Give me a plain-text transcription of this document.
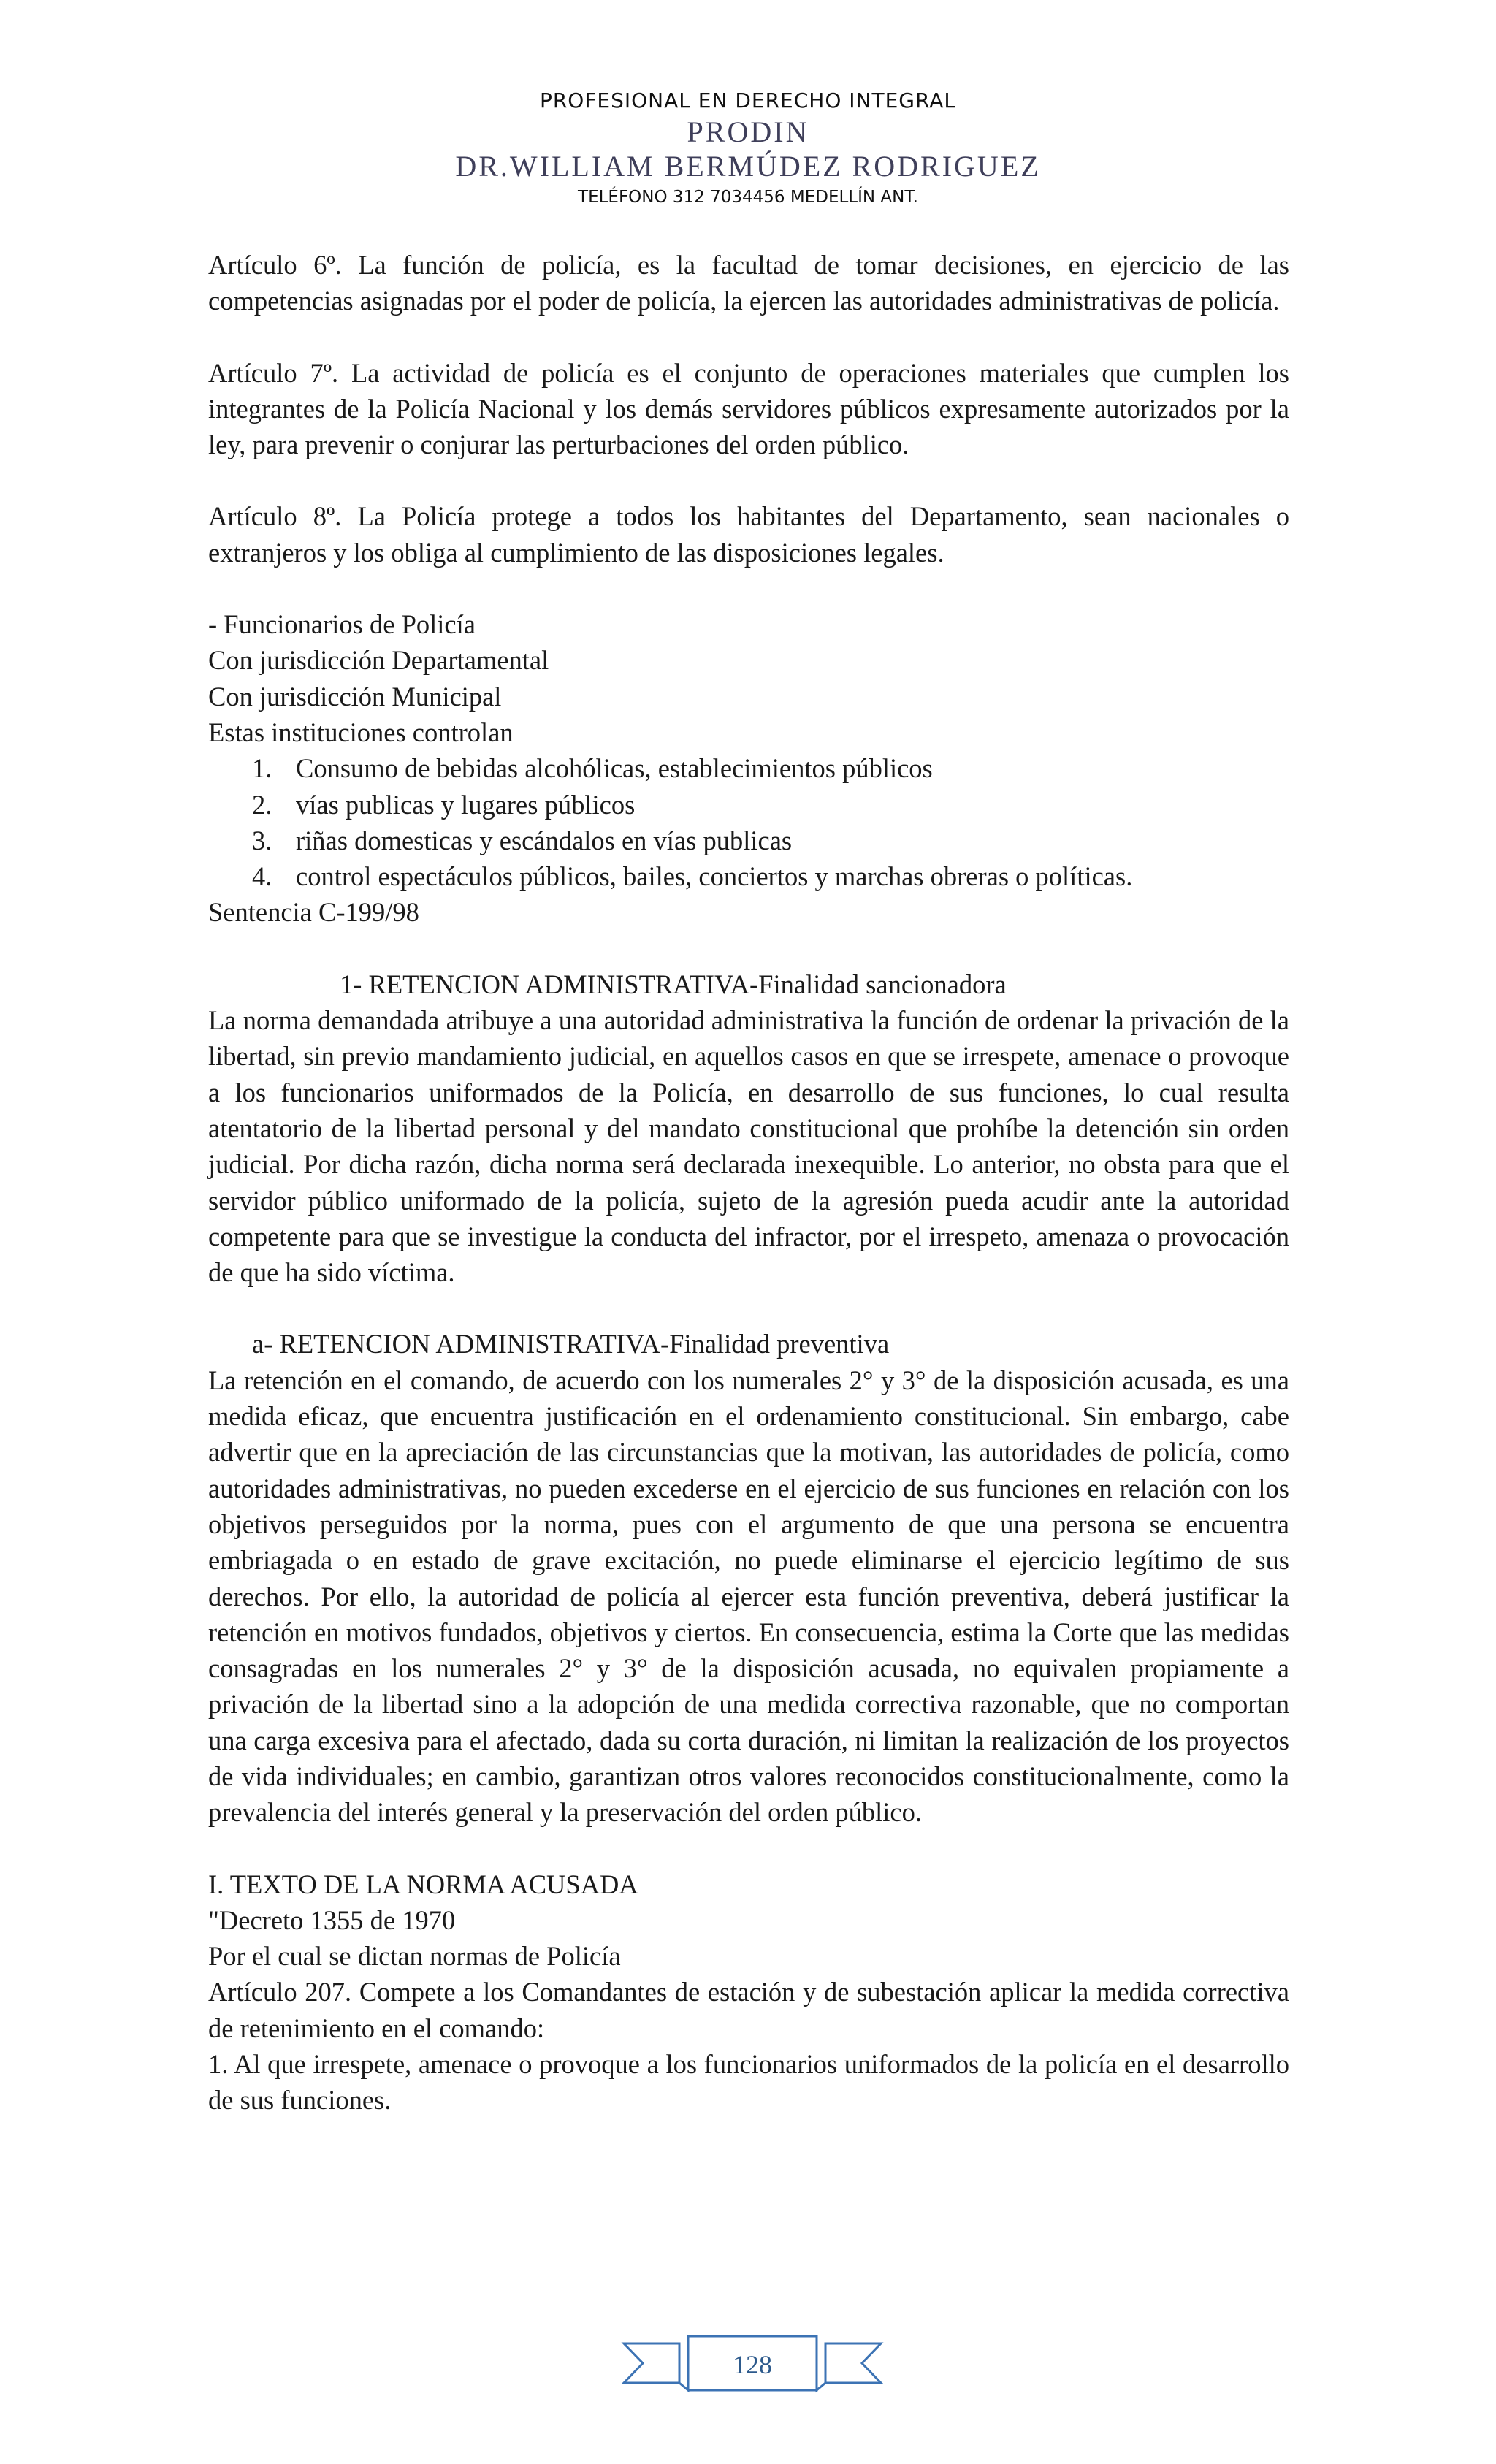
PROFESIONAL EN DERECHO INTEGRAL
PRODIN
DR.WILLIAM BERMÚDEZ RODRIGUEZ
TELÉFONO 312 7034456 MEDELLÍN ANT.

Artículo 6º. La función de policía, es la facultad de tomar decisiones, en ejercicio de las competencias asignadas por el poder de policía, la ejercen las autoridades administrativas de policía.

Artículo 7º. La actividad de policía es el conjunto de operaciones materiales que cumplen los integrantes de la Policía Nacional y los demás servidores públicos expresamente autorizados por la ley, para prevenir o conjurar las perturbaciones del orden público.

Artículo 8º. La Policía protege a todos los habitantes del Departamento, sean nacionales o extranjeros y los obliga al cumplimiento de las disposiciones legales.

- Funcionarios de Policía

Con jurisdicción Departamental

Con jurisdicción Municipal

Estas instituciones controlan

1. Consumo de bebidas alcohólicas, establecimientos públicos
2. vías publicas y lugares públicos
3. riñas domesticas y escándalos en vías publicas
4. control espectáculos públicos, bailes, conciertos y marchas obreras o políticas.

Sentencia C-199/98

1- RETENCION ADMINISTRATIVA-Finalidad sancionadora

La norma demandada atribuye a una autoridad administrativa la función de ordenar la privación de la libertad, sin previo mandamiento judicial, en aquellos casos en que se irrespete, amenace o provoque a los funcionarios uniformados de la Policía, en desarrollo de sus funciones, lo cual resulta atentatorio de la libertad personal y del mandato constitucional que prohíbe la detención sin orden judicial. Por dicha razón, dicha norma será declarada inexequible. Lo anterior, no obsta para que el servidor público uniformado de la policía, sujeto de la agresión pueda acudir ante la autoridad competente para que se investigue la conducta del infractor, por el irrespeto, amenaza o provocación de que ha sido víctima.

a- RETENCION ADMINISTRATIVA-Finalidad preventiva

La retención en el comando, de acuerdo con los numerales 2° y 3° de la disposición acusada, es una medida eficaz, que encuentra justificación en el ordenamiento constitucional. Sin embargo, cabe advertir que en la apreciación de las circunstancias que la motivan, las autoridades de policía, como autoridades administrativas, no pueden excederse en el ejercicio de sus funciones en relación con los objetivos perseguidos por la norma, pues con el argumento de que una persona se encuentra embriagada o en estado de grave excitación, no puede eliminarse el ejercicio legítimo de sus derechos. Por ello, la autoridad de policía al ejercer esta función preventiva, deberá justificar la retención en motivos fundados, objetivos y ciertos. En consecuencia, estima la Corte que las medidas consagradas en los numerales 2° y 3° de la disposición acusada, no equivalen propiamente a privación de la libertad sino a la adopción de una medida correctiva razonable, que no comportan una carga excesiva para el afectado, dada su corta duración, ni limitan la realización de los proyectos de vida individuales; en cambio, garantizan otros valores reconocidos constitucionalmente, como la prevalencia del interés general y la preservación del orden público.

I. TEXTO DE LA NORMA ACUSADA

"Decreto 1355 de 1970

Por el cual se dictan normas de Policía

Artículo 207. Compete a los Comandantes de estación y de subestación aplicar la medida correctiva de retenimiento en el comando:

1. Al que irrespete, amenace o provoque a los funcionarios uniformados de la policía en el desarrollo de sus funciones.

128
